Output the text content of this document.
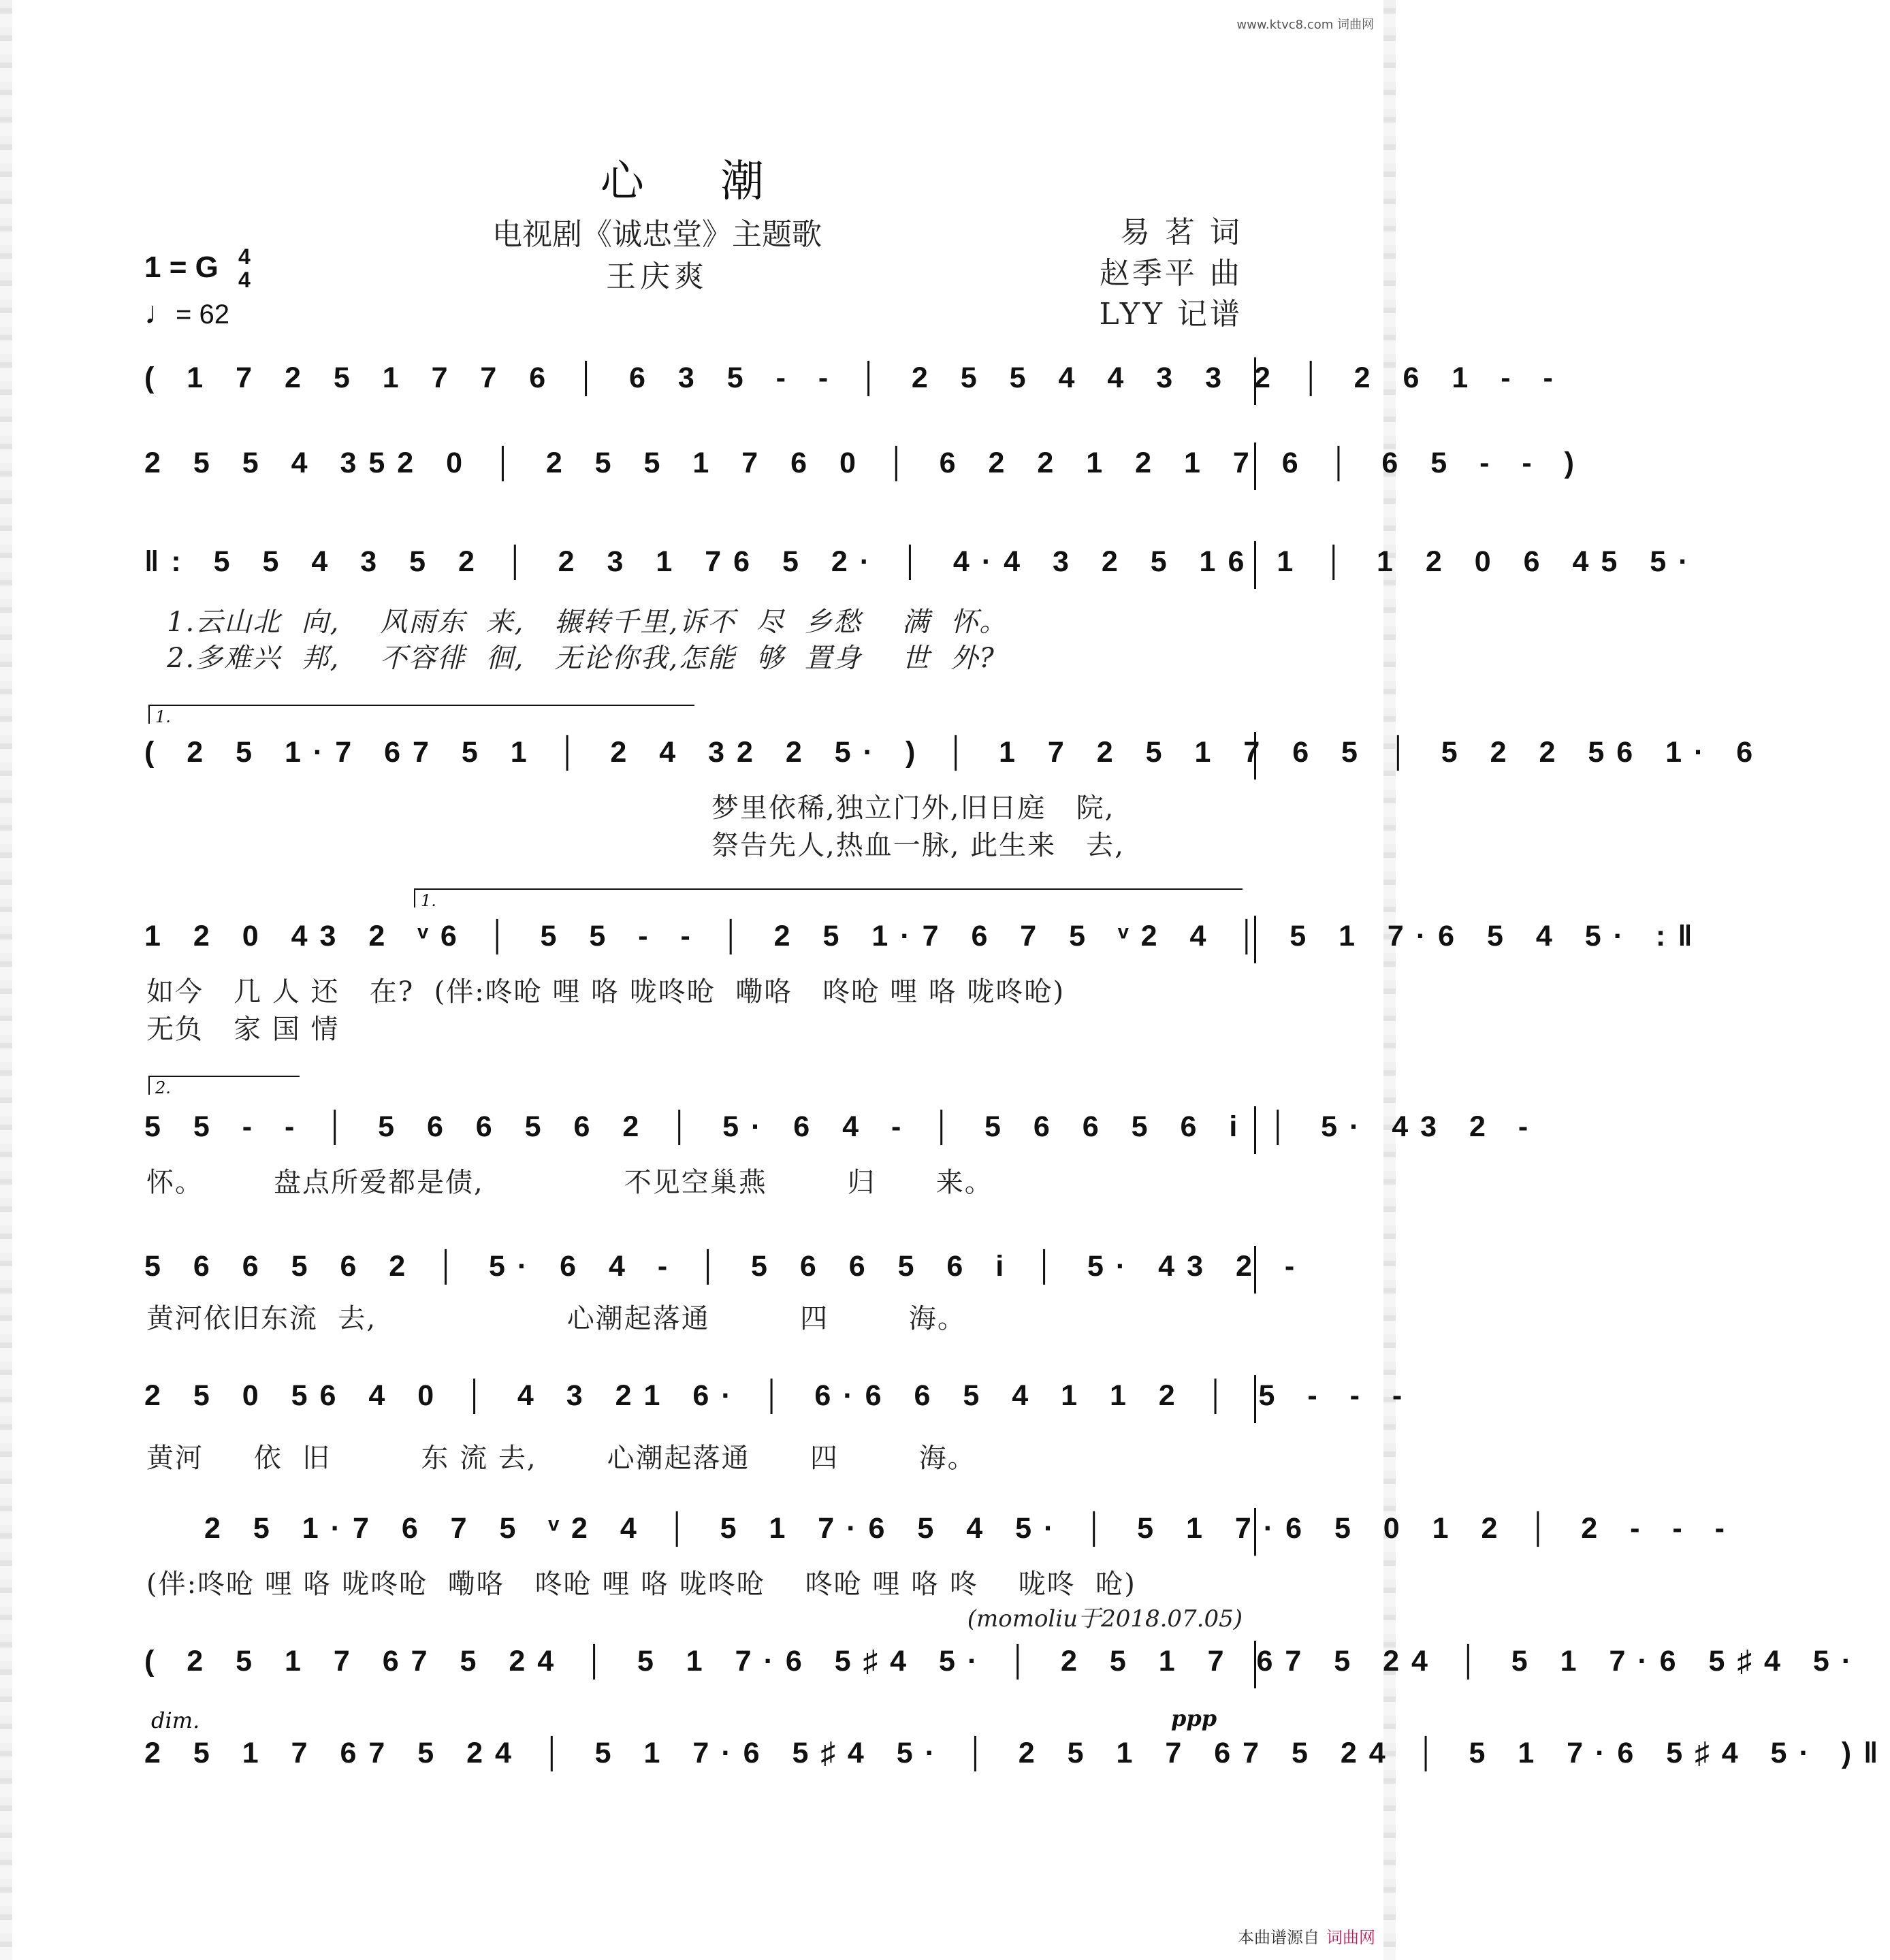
www.ktvc8.com 词曲网
心 潮
电视剧《诚忠堂》主题歌
王庆爽
易 茗 词
赵季平 曲
LYY 记谱
1 = G 4
4
♩= 62
( 1 7 2 5 1 7 7 6 │ 6 3 5 - - │ 2 5 5 4 4 3 3 2 │ 2 6 1 - -
2 5 5 4 352 0 │ 2 5 5 1 7 6 0 │ 6 2 2 1 2 1 7 6 │ 6 5 - - )
‖: 5 5 4 3 5 2 │ 2 3 1 76 5 2· │ 4·4 3 2 5 16 1 │ 1 2 0 6 45 5·
1.云山北  向,    风雨东  来,   辗转千里,诉不  尽  乡愁    满  怀。
2.多难兴  邦,    不容徘  徊,   无论你我,怎能  够  置身    世  外?
1.
( 2 5 1·7 67 5 1 │ 2 4 32 2 5· ) │ 1 7 2 5 1 7 6 5 │ 5 2 2 56 1· 6
梦里依稀,独立门外,旧日庭   院,
祭告先人,热血一脉, 此生来   去,
1.
1 2 0 43 2 ᵛ6 │ 5 5 - - │ 2 5 1·7 6 7 5 ᵛ2 4 │ 5 1 7·6 5 4 5· :‖
如今   几 人 还   在?  (伴:咚呛 哩 咯 咙咚呛  嘞咯   咚呛 哩 咯 咙咚呛)
无负   家 国 情
2.
5 5 - - │ 5 6 6 5 6 2 │ 5· 6 4 - │ 5 6 6 5 6 i │ 5· 43 2 -
怀。       盘点所爱都是债,              不见空巢燕        归      来。
5 6 6 5 6 2 │ 5· 6 4 - │ 5 6 6 5 6 i │ 5· 43 2 -
黄河依旧东流  去,                   心潮起落通         四        海。
2 5 0 56 4 0 │ 4 3 21 6· │ 6·6 6 5 4 1 1 2 │ 5 - - -
黄河     依  旧         东 流 去,       心潮起落通      四        海。
2 5 1·7 6 7 5 ᵛ2 4 │ 5 1 7·6 5 4 5· │ 5 1 7·6 5 0 1 2 │ 2 - - -
(伴:咚呛 哩 咯 咙咚呛  嘞咯   咚呛 哩 咯 咙咚呛    咚呛 哩 咯 咚    咙咚  呛)
(momoliu于2018.07.05)
( 2 5 1 7 67 5 24 │ 5 1 7·6 5♯4 5· │ 2 5 1 7 67 5 24 │ 5 1 7·6 5♯4 5·
dim.	ppp
2 5 1 7 67 5 24 │ 5 1 7·6 5♯4 5· │ 2 5 1 7 67 5 24 │ 5 1 7·6 5♯4 5· )‖
本曲谱源自 词曲网
